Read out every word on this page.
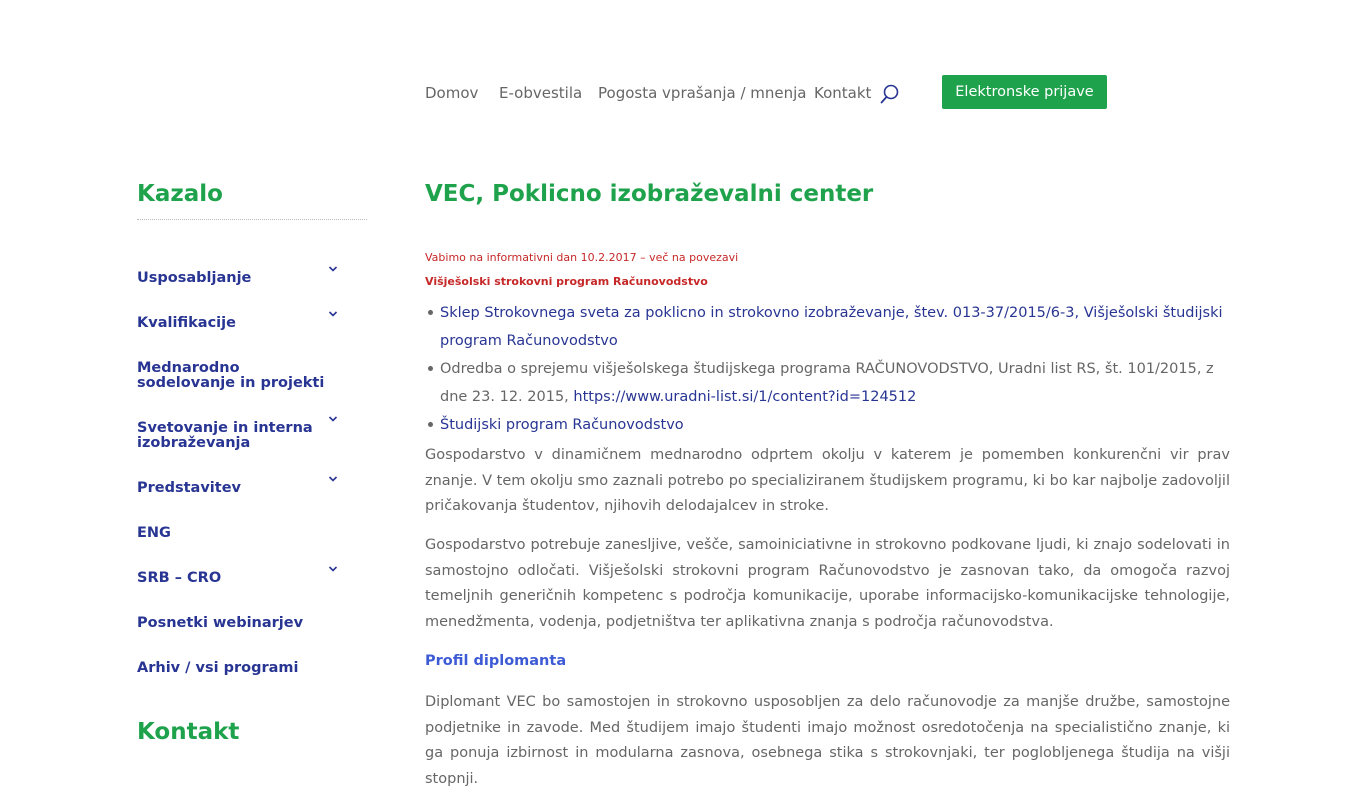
Domov E-obvestila Pogosta vprašanja / mnenja Kontakt	Elektronske prijave
Kazalo
Usposabljanje
Kvalifikacije
Mednarodno sodelovanje in projekti
Svetovanje in interna izobraževanja
Predstavitev
ENG
SRB – CRO
Posnetki webinarjev
Arhiv / vsi programi
Kontakt
VEC, Poklicno izobraževalni center
Vabimo na informativni dan 10.2.2017 – več na povezavi
Višješolski strokovni program Računovodstvo
Sklep Strokovnega sveta za poklicno in strokovno izobraževanje, štev. 013-37/2015/6-3, Višješolski študijski program Računovodstvo
Odredba o sprejemu višješolskega študijskega programa RAČUNOVODSTVO, Uradni list RS, št. 101/2015, z dne 23. 12. 2015, https://www.uradni-list.si/1/content?id=124512
Študijski program Računovodstvo

Gospodarstvo v dinamičnem mednarodno odprtem okolju v katerem je pomemben konkurenčni vir prav znanje. V tem okolju smo zaznali potrebo po specializiranem študijskem programu, ki bo kar najbolje zadovoljil pričakovanja študentov, njihovih delodajalcev in stroke.

Gospodarstvo potrebuje zanesljive, vešče, samoiniciativne in strokovno podkovane ljudi, ki znajo sodelovati in samostojno odločati. Višješolski strokovni program Računovodstvo je zasnovan tako, da omogoča razvoj temeljnih generičnih kompetenc s področja komunikacije, uporabe informacijsko-komunikacijske tehnologije, menedžmenta, vodenja, podjetništva ter aplikativna znanja s področja računovodstva.

Profil diplomanta

Diplomant VEC bo samostojen in strokovno usposobljen za delo računovodje za manjše družbe, samostojne podjetnike in zavode. Med študijem imajo študenti imajo možnost osredotočenja na specialistično znanje, ki ga ponuja izbirnost in modularna zasnova, osebnega stika s strokovnjaki, ter poglobljenega študija na višji stopnji.
